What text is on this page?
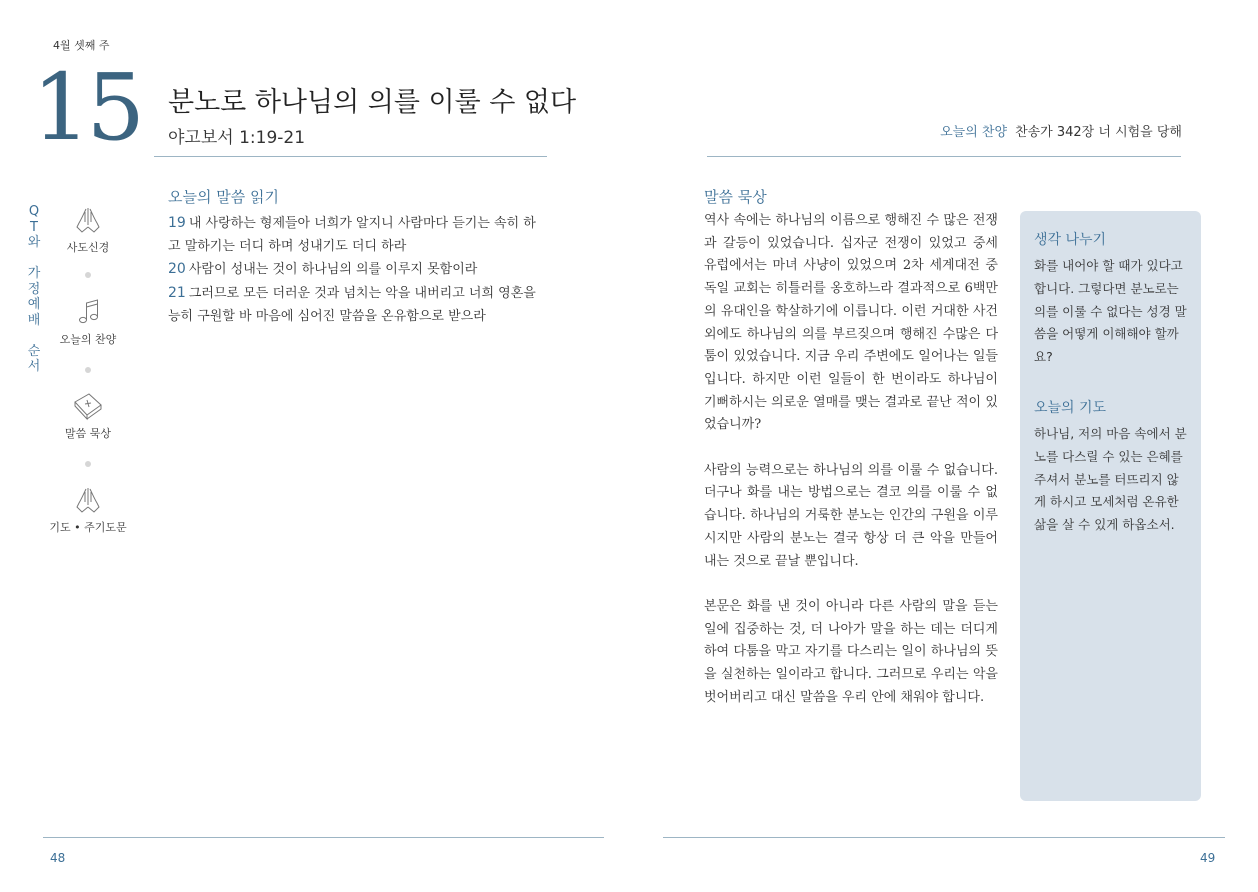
4월 셋째 주
15 분노로 하나님의 의를 이룰 수 없다
야고보서 1:19-21	오늘의 찬양 찬송가 342장 너 시험을 당해
Q
T
와
가
정
예
배
순
서
사도신경
오늘의 찬양
말씀 묵상
기도 • 주기도문
오늘의 말씀 읽기
19 내 사랑하는 형제들아 너희가 알지니 사람마다 듣기는 속히 하고 말하기는 더디 하며 성내기도 더디 하라
20 사람이 성내는 것이 하나님의 의를 이루지 못함이라
21 그러므로 모든 더러운 것과 넘치는 악을 내버리고 너희 영혼을 능히 구원할 바 마음에 심어진 말씀을 온유함으로 받으라
말씀 묵상

역사 속에는 하나님의 이름으로 행해진 수 많은 전쟁과 갈등이 있었습니다. 십자군 전쟁이 있었고 중세 유럽에서는 마녀 사냥이 있었으며 2차 세계대전 중 독일 교회는 히틀러를 옹호하느라 결과적으로 6백만의 유대인을 학살하기에 이릅니다. 이런 거대한 사건 외에도 하나님의 의를 부르짖으며 행해진 수많은 다툼이 있었습니다. 지금 우리 주변에도 일어나는 일들입니다. 하지만 이런 일들이 한 번이라도 하나님이 기뻐하시는 의로운 열매를 맺는 결과로 끝난 적이 있었습니까?

사람의 능력으로는 하나님의 의를 이룰 수 없습니다. 더구나 화를 내는 방법으로는 결코 의를 이룰 수 없습니다. 하나님의 거룩한 분노는 인간의 구원을 이루시지만 사람의 분노는 결국 항상 더 큰 악을 만들어 내는 것으로 끝날 뿐입니다.

본문은 화를 낸 것이 아니라 다른 사람의 말을 듣는 일에 집중하는 것, 더 나아가 말을 하는 데는 더디게 하여 다툼을 막고 자기를 다스리는 일이 하나님의 뜻을 실천하는 일이라고 합니다. 그러므로 우리는 악을 벗어버리고 대신 말씀을 우리 안에 채워야 합니다.

생각 나누기
화를 내어야 할 때가 있다고 합니다. 그렇다면 분노로는 의를 이룰 수 없다는 성경 말씀을 어떻게 이해해야 할까요?
오늘의 기도
하나님, 저의 마음 속에서 분노를 다스릴 수 있는 은혜를 주셔서 분노를 터뜨리지 않게 하시고 모세처럼 온유한 삶을 살 수 있게 하옵소서.
48	49
